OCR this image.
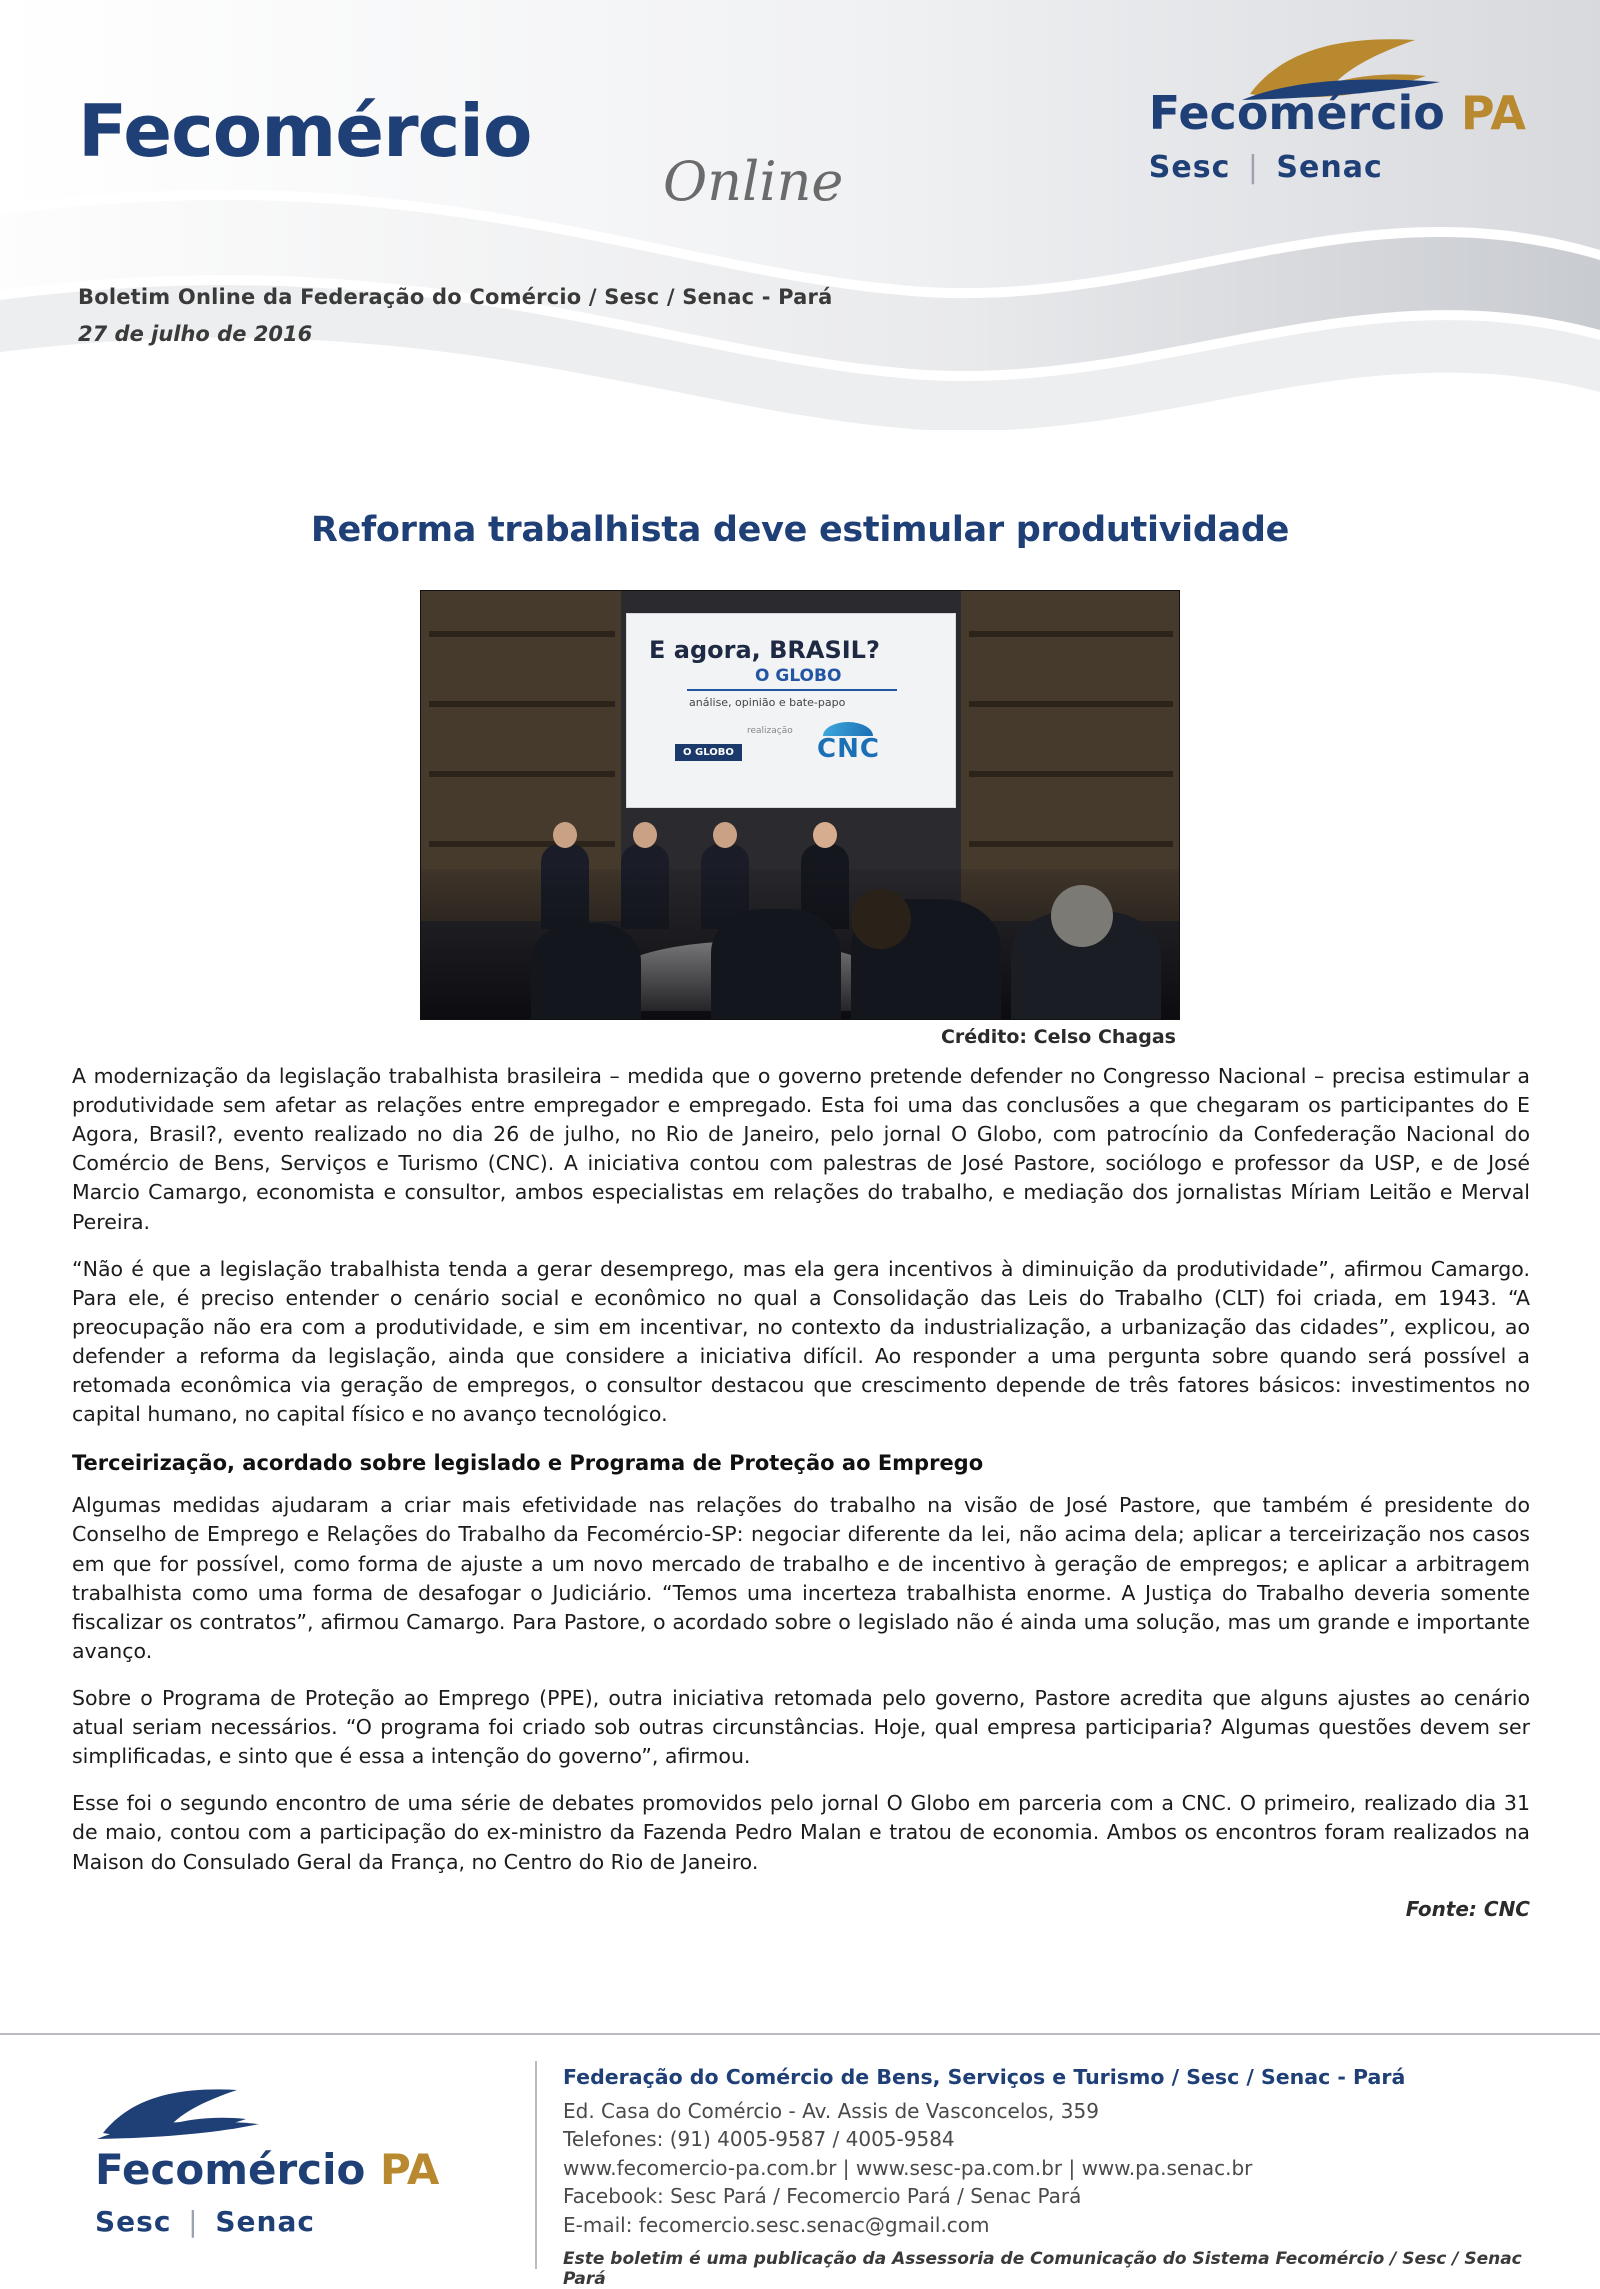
Fecomércio
Online
Boletim Online da Federação do Comércio / Sesc / Senac - Pará
27 de julho de 2016
Fecomércio PA
Sesc | Senac
Reforma trabalhista deve estimular produtividade
E agora, BRASIL?
O GLOBO
análise, opinião e bate-papo
realização
O GLOBO	CNC
Crédito: Celso Chagas

A modernização da legislação trabalhista brasileira – medida que o governo pretende defender no Congresso Nacional – precisa estimular a produtividade sem afetar as relações entre empregador e empregado. Esta foi uma das conclusões a que chegaram os participantes do E Agora, Brasil?, evento realizado no dia 26 de julho, no Rio de Janeiro, pelo jornal O Globo, com patrocínio da Confederação Nacional do Comércio de Bens, Serviços e Turismo (CNC). A iniciativa contou com palestras de José Pastore, sociólogo e professor da USP, e de José Marcio Camargo, economista e consultor, ambos especialistas em relações do trabalho, e mediação dos jornalistas Míriam Leitão e Merval Pereira.

“Não é que a legislação trabalhista tenda a gerar desemprego, mas ela gera incentivos à diminuição da produtividade”, afirmou Camargo. Para ele, é preciso entender o cenário social e econômico no qual a Consolidação das Leis do Trabalho (CLT) foi criada, em 1943. “A preocupação não era com a produtividade, e sim em incentivar, no contexto da industrialização, a urbanização das cidades”, explicou, ao defender a reforma da legislação, ainda que considere a iniciativa difícil. Ao responder a uma pergunta sobre quando será possível a retomada econômica via geração de empregos, o consultor destacou que crescimento depende de três fatores básicos: investimentos no capital humano, no capital físico e no avanço tecnológico.

Terceirização, acordado sobre legislado e Programa de Proteção ao Emprego

Algumas medidas ajudaram a criar mais efetividade nas relações do trabalho na visão de José Pastore, que também é presidente do Conselho de Emprego e Relações do Trabalho da Fecomércio-SP: negociar diferente da lei, não acima dela; aplicar a terceirização nos casos em que for possível, como forma de ajuste a um novo mercado de trabalho e de incentivo à geração de empregos; e aplicar a arbitragem trabalhista como uma forma de desafogar o Judiciário. “Temos uma incerteza trabalhista enorme. A Justiça do Trabalho deveria somente fiscalizar os contratos”, afirmou Camargo. Para Pastore, o acordado sobre o legislado não é ainda uma solução, mas um grande e importante avanço.

Sobre o Programa de Proteção ao Emprego (PPE), outra iniciativa retomada pelo governo, Pastore acredita que alguns ajustes ao cenário atual seriam necessários. “O programa foi criado sob outras circunstâncias. Hoje, qual empresa participaria? Algumas questões devem ser simplificadas, e sinto que é essa a intenção do governo”, afirmou.

Esse foi o segundo encontro de uma série de debates promovidos pelo jornal O Globo em parceria com a CNC. O primeiro, realizado dia 31 de maio, contou com a participação do ex-ministro da Fazenda Pedro Malan e tratou de economia. Ambos os encontros foram realizados na Maison do Consulado Geral da França, no Centro do Rio de Janeiro.

Fonte: CNC
Fecomércio PA
Sesc | Senac
Federação do Comércio de Bens, Serviços e Turismo / Sesc / Senac - Pará
Ed. Casa do Comércio - Av. Assis de Vasconcelos, 359
Telefones: (91) 4005-9587 / 4005-9584
www.fecomercio-pa.com.br | www.sesc-pa.com.br | www.pa.senac.br
Facebook: Sesc Pará / Fecomercio Pará / Senac Pará
E-mail: fecomercio.sesc.senac@gmail.com
Este boletim é uma publicação da Assessoria de Comunicação do Sistema Fecomércio / Sesc / Senac Pará
